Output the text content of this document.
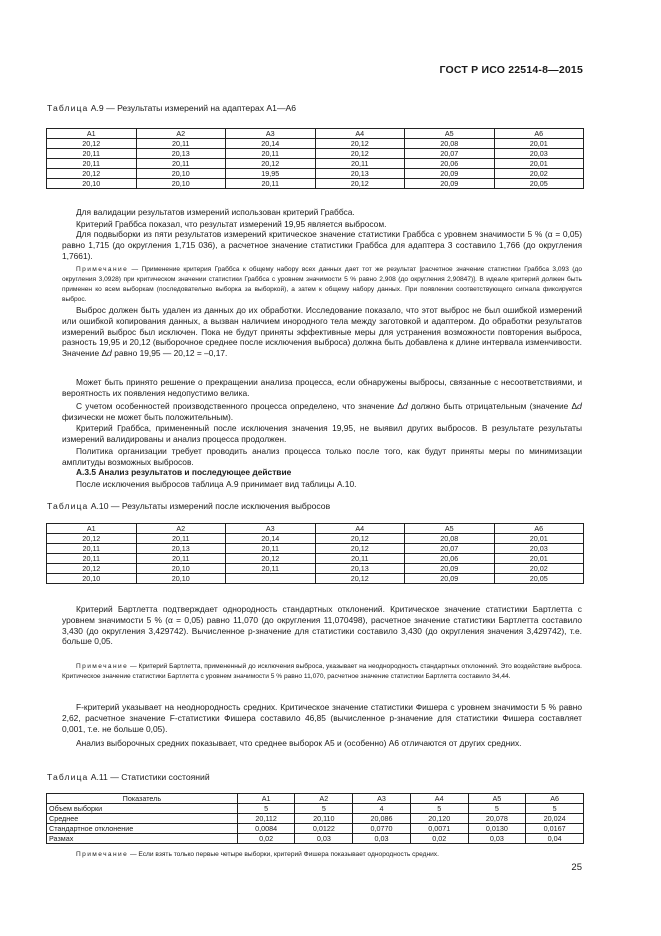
ГОСТ Р ИСО 22514-8—2015
Таблица А.9 — Результаты измерений на адаптерах А1—А6
А1	А2	А3	А4	А5	А6
20,12	20,11	20,14	20,12	20,08	20,01
20,11	20,13	20,11	20,12	20,07	20,03
20,11	20,11	20,12	20,11	20,06	20,01
20,12	20,10	19,95	20,13	20,09	20,02
20,10	20,10	20,11	20,12	20,09	20,05
Для валидации результатов измерений использован критерий Граббса.
Критерий Граббса показал, что результат измерений 19,95 является выбросом.
Для подвыборки из пяти результатов измерений критическое значение статистики Граббса с уровнем значимости 5 % (α = 0,05) равно 1,715 (до округления 1,715 036), а расчетное значение статистики Граббса для адаптера 3 составило 1,766 (до округления 1,7661).
Примечание — Применение критерия Граббса к общему набору всех данных дает тот же результат [расчетное значение статистики Граббса 3,093 (до округления 3,0928) при критическом значении статистики Граббса с уровнем значимости 5 % равно 2,908 (до округления 2,90847)]. В идеале критерий должен быть применен ко всем выборкам (последовательно выборка за выборкой), а затем к общему набору данных. При появлении соответствующего сигнала фиксируется выброс.
Выброс должен быть удален из данных до их обработки. Исследование показало, что этот выброс не был ошибкой измерений или ошибкой копирования данных, а вызван наличием инородного тела между заготовкой и адаптером. До обработки результатов измерений выброс был исключен. Пока не будут приняты эффективные меры для устранения возможности повторения выброса, разность 19,95 и 20,12 (выборочное среднее после исключения выброса) должна быть добавлена к длине интервала изменчивости. Значение Δ𝑑 равно 19,95 — 20,12 = –0,17.
Может быть принято решение о прекращении анализа процесса, если обнаружены выбросы, связанные с несоответствиями, и вероятность их появления недопустимо велика.
С учетом особенностей производственного процесса определено, что значение Δ𝑑 должно быть отрицательным (значение Δ𝑑 физически не может быть положительным).
Критерий Граббса, примененный после исключения значения 19,95, не выявил других выбросов. В результате результаты измерений валидированы и анализ процесса продолжен.
Политика организации требует проводить анализ процесса только после того, как будут приняты меры по минимизации амплитуды возможных выбросов.
А.3.5 Анализ результатов и последующее действие
После исключения выбросов таблица А.9 принимает вид таблицы А.10.
Таблица А.10 — Результаты измерений после исключения выбросов
А1	А2	А3	А4	А5	А6
20,12	20,11	20,14	20,12	20,08	20,01
20,11	20,13	20,11	20,12	20,07	20,03
20,11	20,11	20,12	20,11	20,06	20,01
20,12	20,10	20,11	20,13	20,09	20,02
20,10	20,10		20,12	20,09	20,05
Критерий Бартлетта подтверждает однородность стандартных отклонений. Критическое значение статистики Бартлетта с уровнем значимости 5 % (α = 0,05) равно 11,070 (до округления 11,070498), расчетное значение статистики Бартлетта составило 3,430 (до округления 3,429742). Вычисленное p-значение для статистики составило 3,430 (до округления значения 3,429742), т.е. больше 0,05.
Примечание — Критерий Бартлетта, примененный до исключения выброса, указывает на неоднородность стандартных отклонений. Это воздействие выброса. Критическое значение статистики Бартлетта с уровнем значимости 5 % равно 11,070, расчетное значение статистики Бартлетта составило 34,44.
F-критерий указывает на неоднородность средних. Критическое значение статистики Фишера с уровнем значимости 5 % равно 2,62, расчетное значение F-статистики Фишера составило 46,85 (вычисленное p-значение для статистики Фишера составляет 0,001, т.е. не больше 0,05).
Анализ выборочных средних показывает, что среднее выборок А5 и (особенно) А6 отличаются от других средних.
Таблица А.11 — Статистики состояний
Показатель	А1	А2	А3	А4	А5	А6
Объем выборки	5	5	4	5	5	5
Среднее	20,112	20,110	20,086	20,120	20,078	20,024
Стандартное отклонение	0,0084	0,0122	0,0770	0,0071	0,0130	0,0167
Размах	0,02	0,03	0,03	0,02	0,03	0,04
Примечание — Если взять только первые четыре выборки, критерий Фишера показывает однородность средних.
25
